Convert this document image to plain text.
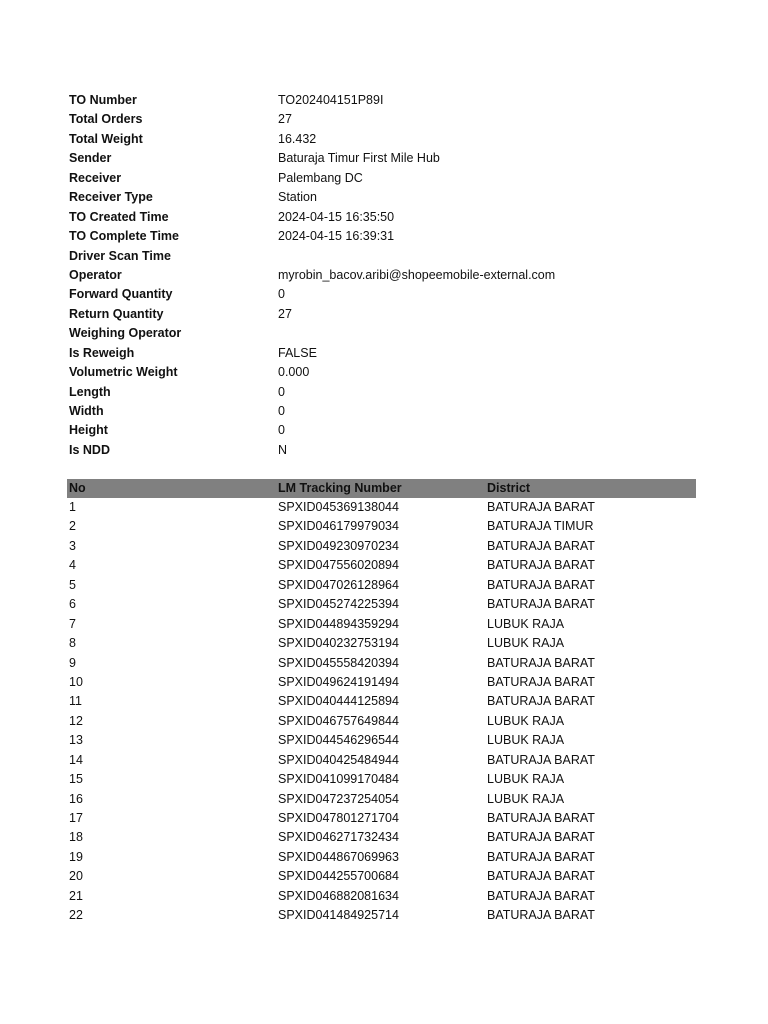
TO Number	TO202404151P89I
Total Orders	27
Total Weight	16.432
Sender	Baturaja Timur First Mile Hub
Receiver	Palembang DC
Receiver Type	Station
TO Created Time	2024-04-15 16:35:50
TO Complete Time	2024-04-15 16:39:31
Driver Scan Time
Operator	myrobin_bacov.aribi@shopeemobile-external.com
Forward Quantity	0
Return Quantity	27
Weighing Operator
Is Reweigh	FALSE
Volumetric Weight	0.000
Length	0
Width	0
Height	0
Is NDD	N
No	LM Tracking Number	District
1	SPXID045369138044	BATURAJA BARAT
2	SPXID046179979034	BATURAJA TIMUR
3	SPXID049230970234	BATURAJA BARAT
4	SPXID047556020894	BATURAJA BARAT
5	SPXID047026128964	BATURAJA BARAT
6	SPXID045274225394	BATURAJA BARAT
7	SPXID044894359294	LUBUK RAJA
8	SPXID040232753194	LUBUK RAJA
9	SPXID045558420394	BATURAJA BARAT
10	SPXID049624191494	BATURAJA BARAT
11	SPXID040444125894	BATURAJA BARAT
12	SPXID046757649844	LUBUK RAJA
13	SPXID044546296544	LUBUK RAJA
14	SPXID040425484944	BATURAJA BARAT
15	SPXID041099170484	LUBUK RAJA
16	SPXID047237254054	LUBUK RAJA
17	SPXID047801271704	BATURAJA BARAT
18	SPXID046271732434	BATURAJA BARAT
19	SPXID044867069963	BATURAJA BARAT
20	SPXID044255700684	BATURAJA BARAT
21	SPXID046882081634	BATURAJA BARAT
22	SPXID041484925714	BATURAJA BARAT
